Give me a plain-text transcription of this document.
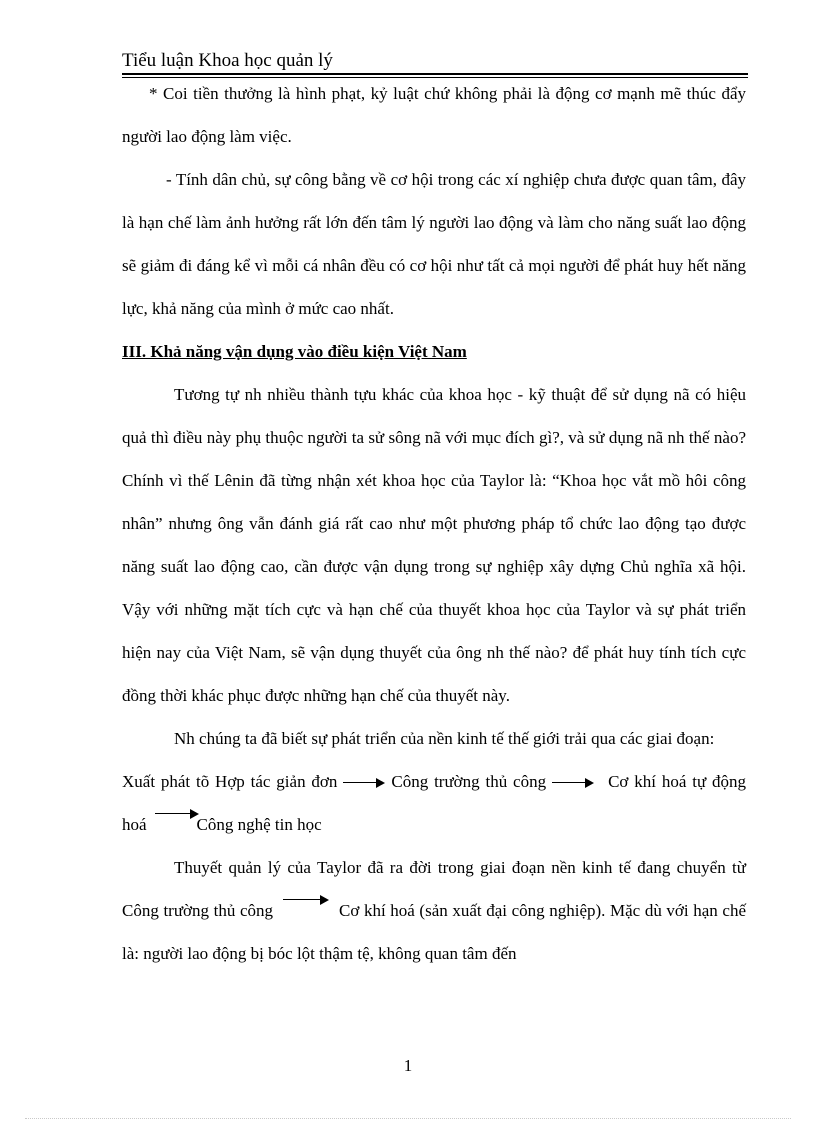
Tiểu luận Khoa học quản lý

* Coi tiền thưởng là hình phạt, kỷ luật chứ không phải là động cơ mạnh mẽ thúc đẩy người lao động làm việc.

- Tính dân chủ, sự công bằng về cơ hội trong các xí nghiệp chưa được quan tâm, đây là hạn chế làm ảnh hưởng rất lớn đến tâm lý người lao động và làm cho năng suất lao động sẽ giảm đi đáng kể vì mỗi cá nhân đều có cơ hội như tất cả mọi người để phát huy hết năng lực, khả năng của mình ở mức cao nhất.

III. Khả năng vận dụng vào điều kiện Việt Nam

Tương tự nh nhiều thành tựu khác của khoa học - kỹ thuật để sử dụng nã có hiệu quả thì điều này phụ thuộc người ta sử sông nã với mục đích gì?, và sử dụng nã nh thế nào? Chính vì thế Lênin đã từng nhận xét khoa học của Taylor là: “Khoa học vắt mồ hôi công nhân” nhưng ông vẫn đánh giá rất cao như một phương pháp tổ chức lao động tạo được năng suất lao động cao, cần được vận dụng trong sự nghiệp xây dựng Chủ nghĩa xã hội. Vậy với những mặt tích cực và hạn chế của thuyết khoa học của Taylor và sự phát triển hiện nay của Việt Nam, sẽ vận dụng thuyết của ông nh thế nào? để phát huy tính tích cực đồng thời khác phục được những hạn chế của thuyết này.

Nh chúng ta đã biết sự phát triển của nền kinh tế thế giới trải qua các giai đoạn:

Xuất phát tõ Hợp tác giản đơn	Công trường thủ công	Cơ khí hoá tự động hoá	Công nghệ tin học

Thuyết quản lý của Taylor đã ra đời trong giai đoạn nền kinh tế đang chuyển từ Công trường thủ công	Cơ khí hoá (sản xuất đại công nghiệp). Mặc dù với hạn chế là: người lao động bị bóc lột thậm tệ, không quan tâm đến

1
